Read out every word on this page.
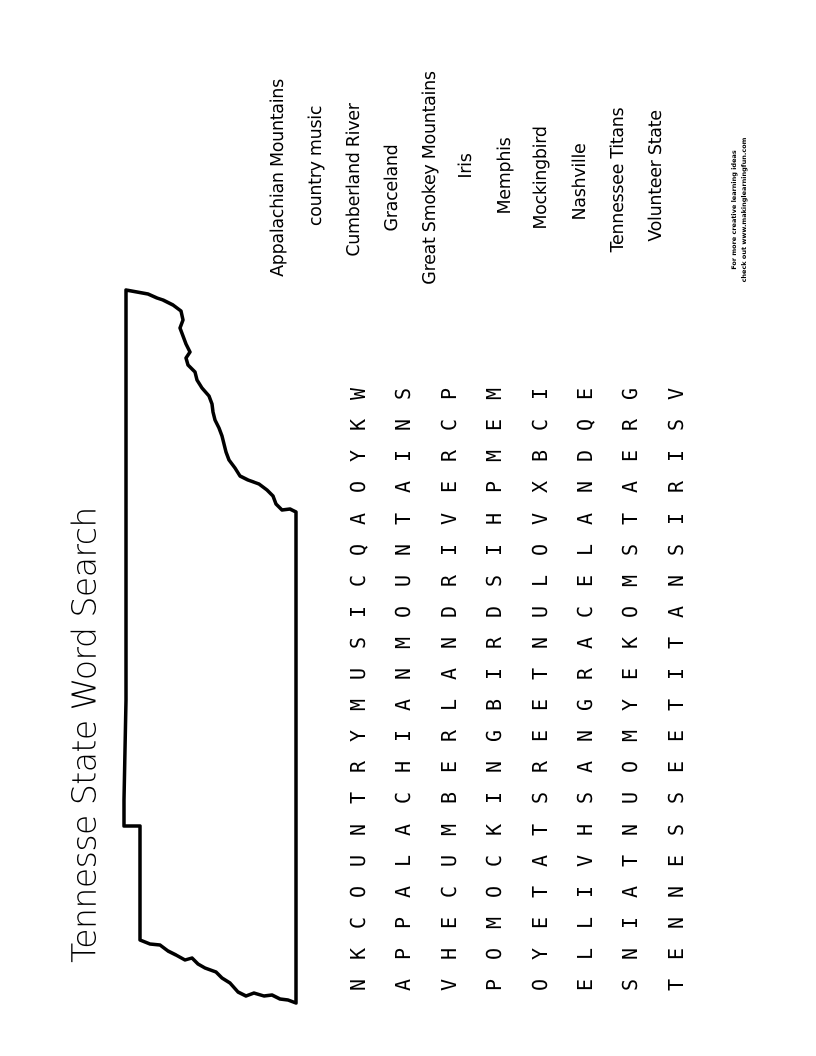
Tennesse State Word Search
Appalachian Mountains country music Cumberland River Graceland Great Smokey Mountains Iris Memphis Mockingbird Nashville Tennessee Titans Volunteer State	For more creative learning ideas check out www.makinglearningfun.com
N
K
C
O
U
N
T
R
Y
M
U
S
I
C
Q
A
O
Y
K
W
A
P
P
A
L
A
C
H
I
A
N
M
O
U
N
T
A
I
N
S
V
H
E
C
U
M
B
E
R
L
A
N
D
R
I
V
E
R
C
P
P
O
M
O
C
K
I
N
G
B
I
R
D
S
I
H
P
M
E
M
O
Y
E
T
A
T
S
R
E
E
T
N
U
L
O
V
X
B
C
I
E
L
L
I
V
H
S
A
N
G
R
A
C
E
L
A
N
D
Q
E
S
N
I
A
T
N
U
O
M
Y
E
K
O
M
S
T
A
E
R
G
T
E
N
N
E
S
S
E
E
T
I
T
A
N
S
I
R
I
S
V
